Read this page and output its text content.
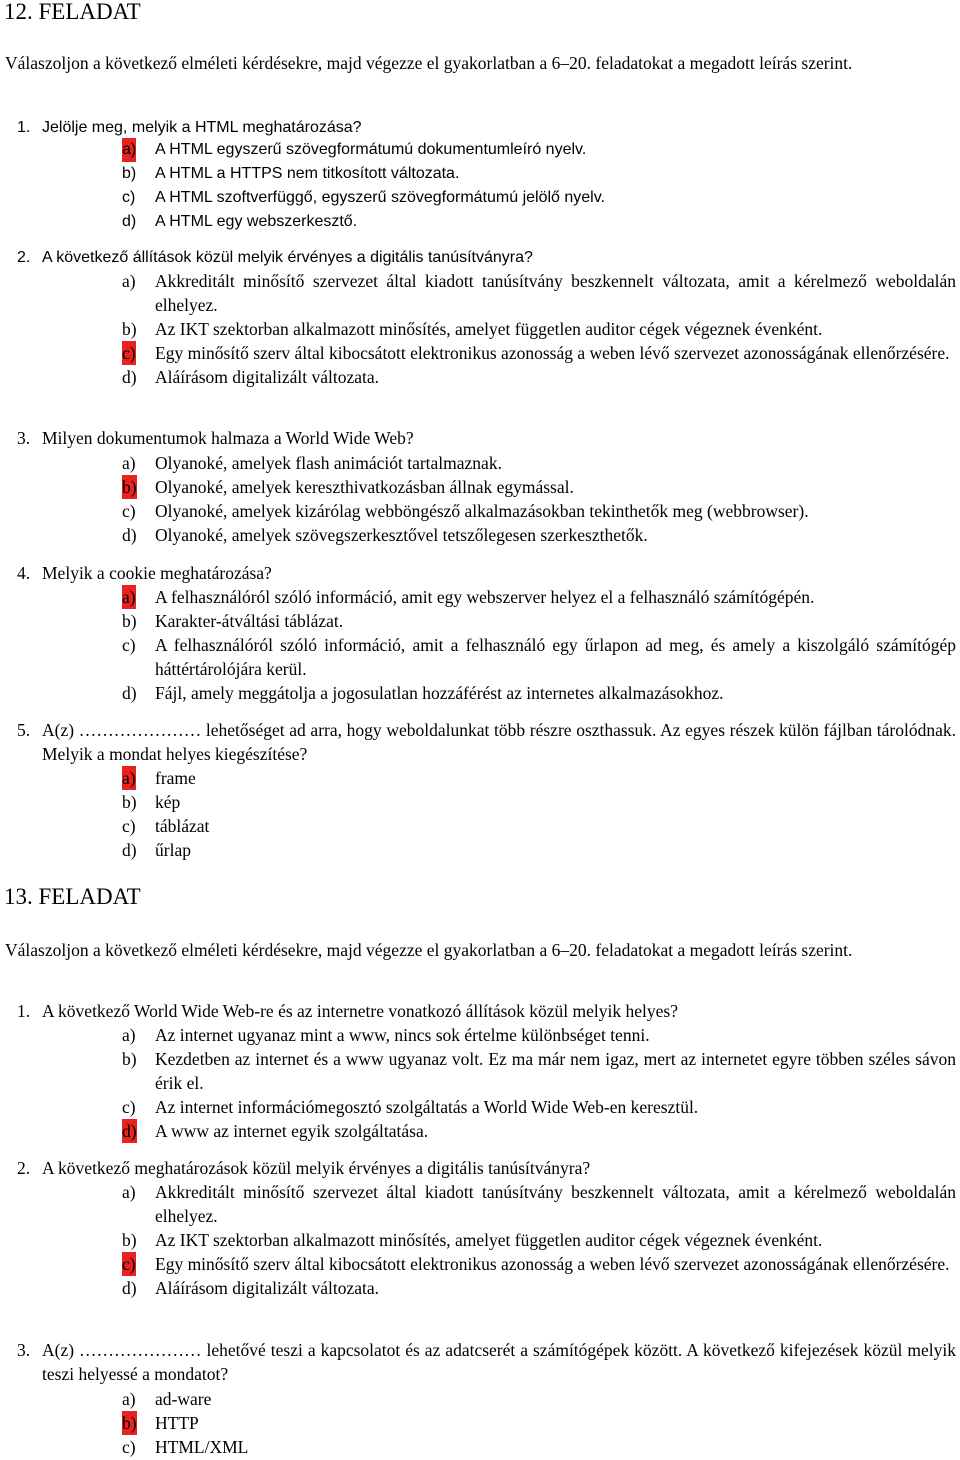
12. FELADAT

Válaszoljon a következő elméleti kérdésekre, majd végezze el gyakorlatban a 6–20. feladatokat a megadott leírás szerint.

1. Jelölje meg, melyik a HTML meghatározása?
a) A HTML egyszerű szövegformátumú dokumentumleíró nyelv.
b) A HTML a HTTPS nem titkosított változata.
c) A HTML szoftverfüggő, egyszerű szövegformátumú jelölő nyelv.
d) A HTML egy webszerkesztő.
2. A következő állítások közül melyik érvényes a digitális tanúsítványra?
a) Akkreditált minősítő szervezet által kiadott tanúsítvány beszkennelt változata, amit a kérelmező weboldalán elhelyez.
b) Az IKT szektorban alkalmazott minősítés, amelyet független auditor cégek végeznek évenként.
c) Egy minősítő szerv által kibocsátott elektronikus azonosság a weben lévő szervezet azonosságának ellenőrzésére.
d) Aláírásom digitalizált változata.
3. Milyen dokumentumok halmaza a World Wide Web?
a) Olyanoké, amelyek flash animációt tartalmaznak.
b) Olyanoké, amelyek kereszthivatkozásban állnak egymással.
c) Olyanoké, amelyek kizárólag webböngésző alkalmazásokban tekinthetők meg (webbrowser).
d) Olyanoké, amelyek szövegszerkesztővel tetszőlegesen szerkeszthetők.
4. Melyik a cookie meghatározása?
a) A felhasználóról szóló információ, amit egy webszerver helyez el a felhasználó számítógépén.
b) Karakter-átváltási táblázat.
c) A felhasználóról szóló információ, amit a felhasználó egy űrlapon ad meg, és amely a kiszolgáló számítógép háttértárolójára kerül.
d) Fájl, amely meggátolja a jogosulatlan hozzáférést az internetes alkalmazásokhoz.
5. A(z) ………………… lehetőséget ad arra, hogy weboldalunkat több részre oszthassuk. Az egyes részek külön fájlban tárolódnak. Melyik a mondat helyes kiegészítése?
a) frame
b) kép
c) táblázat
d) űrlap
13. FELADAT

Válaszoljon a következő elméleti kérdésekre, majd végezze el gyakorlatban a 6–20. feladatokat a megadott leírás szerint.

1. A következő World Wide Web-re és az internetre vonatkozó állítások közül melyik helyes?
a) Az internet ugyanaz mint a www, nincs sok értelme különbséget tenni.
b) Kezdetben az internet és a www ugyanaz volt. Ez ma már nem igaz, mert az internetet egyre többen széles sávon érik el.
c) Az internet információmegosztó szolgáltatás a World Wide Web-en keresztül.
d) A www az internet egyik szolgáltatása.
2. A következő meghatározások közül melyik érvényes a digitális tanúsítványra?
a) Akkreditált minősítő szervezet által kiadott tanúsítvány beszkennelt változata, amit a kérelmező weboldalán elhelyez.
b) Az IKT szektorban alkalmazott minősítés, amelyet független auditor cégek végeznek évenként.
c) Egy minősítő szerv által kibocsátott elektronikus azonosság a weben lévő szervezet azonosságának ellenőrzésére.
d) Aláírásom digitalizált változata.
3. A(z) ………………… lehetővé teszi a kapcsolatot és az adatcserét a számítógépek között. A következő kifejezések közül melyik teszi helyessé a mondatot?
a) ad-ware
b) HTTP
c) HTML/XML
